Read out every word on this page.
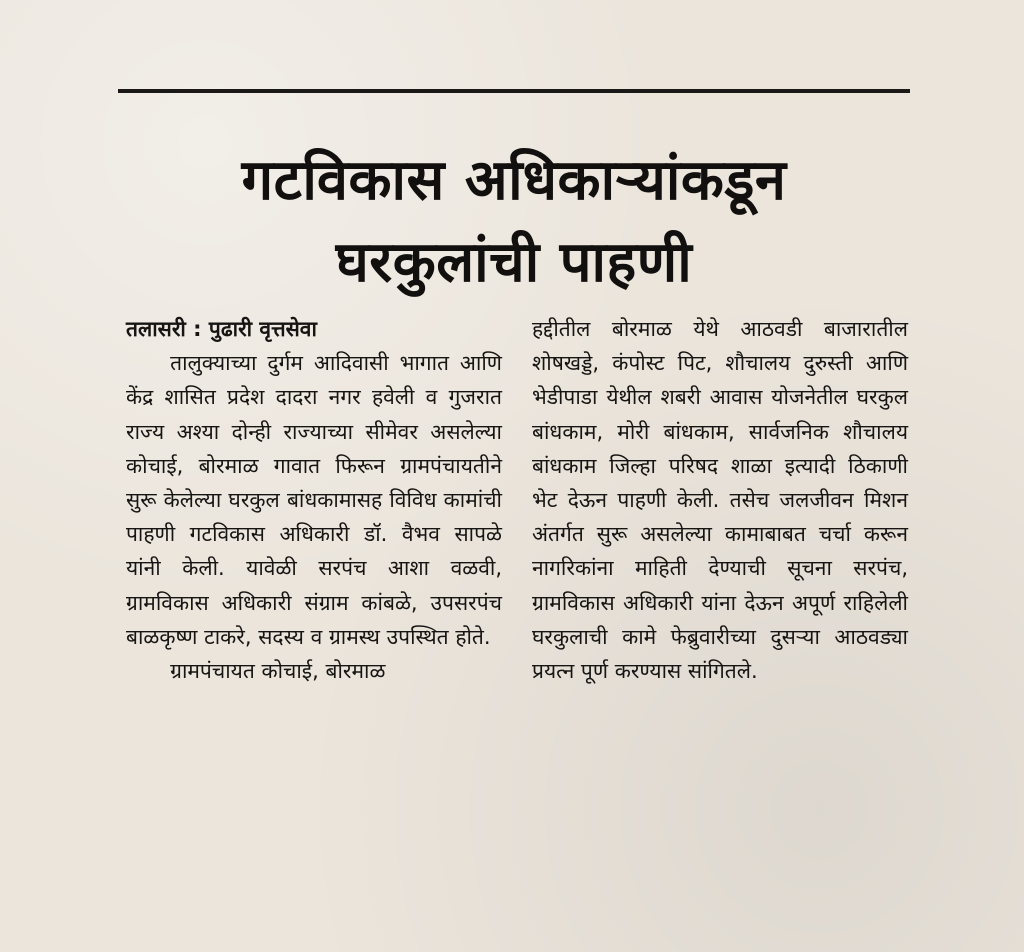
गटविकास अधिकाऱ्यांकडून
घरकुलांची पाहणी

तलासरी : पुढारी वृत्तसेवा

तालुक्याच्या दुर्गम आदिवासी भागात आणि केंद्र शासित प्रदेश दादरा नगर हवेली व गुजरात राज्य अश्या दोन्ही राज्याच्या सीमेवर असलेल्या कोचाई, बोरमाळ गावात फिरून ग्रामपंचायतीने सुरू केलेल्या घरकुल बांधकामासह विविध कामांची पाहणी गटविकास अधिकारी डॉ. वैभव सापळे यांनी केली. यावेळी सरपंच आशा वळवी, ग्रामविकास अधिकारी संग्राम कांबळे, उपसरपंच बाळकृष्ण टाकरे, सदस्य व ग्रामस्थ उपस्थित होते.

ग्रामपंचायत कोचाई, बोरमाळ

हद्दीतील बोरमाळ येथे आठवडी बाजारातील शोषखड्डे, कंपोस्ट पिट, शौचालय दुरुस्ती आणि भेडीपाडा येथील शबरी आवास योजनेतील घरकुल बांधकाम, मोरी बांधकाम, सार्वजनिक शौचालय बांधकाम जिल्हा परिषद शाळा इत्यादी ठिकाणी भेट देऊन पाहणी केली. तसेच जलजीवन मिशन अंतर्गत सुरू असलेल्या कामाबाबत चर्चा करून नागरिकांना माहिती देण्याची सूचना सरपंच, ग्रामविकास अधिकारी यांना देऊन अपूर्ण राहिलेली घरकुलाची कामे फेब्रुवारीच्या दुसऱ्या आठवड्या प्रयत्न पूर्ण करण्यास सांगितले.
